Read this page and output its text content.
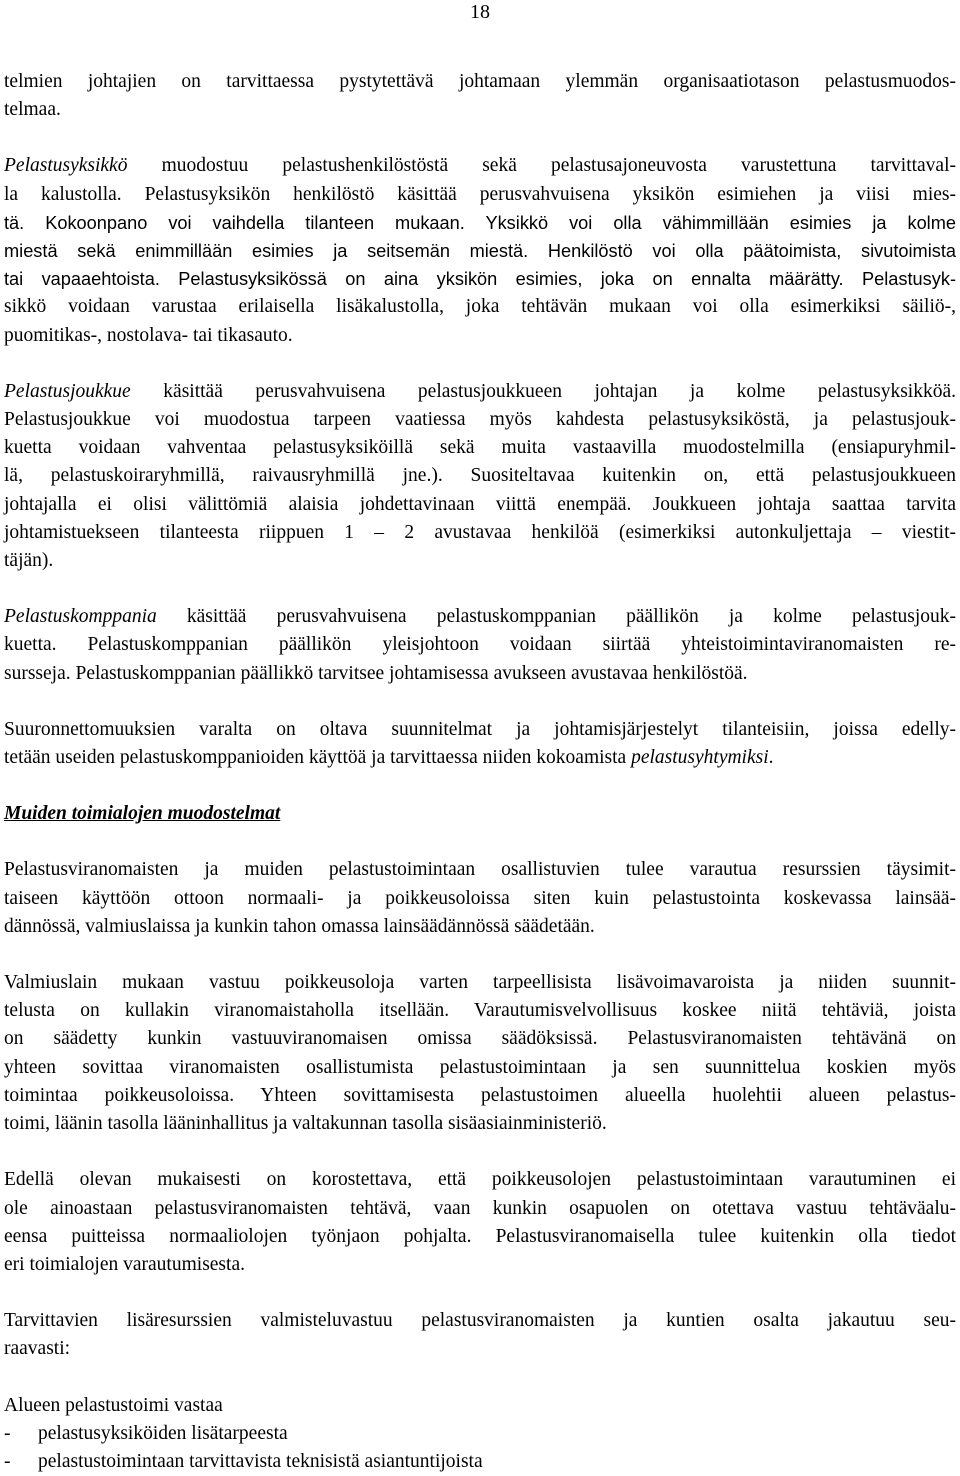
18
telmien johtajien on tarvittaessa pystytettävä johtamaan ylemmän organisaatiotason pelastusmuodos-
telmaa.
Pelastusyksikkö muodostuu pelastushenkilöstöstä sekä pelastusajoneuvosta varustettuna tarvittaval-
la kalustolla. Pelastusyksikön henkilöstö käsittää perusvahvuisena yksikön esimiehen ja viisi mies-
tä. Kokoonpano voi vaihdella tilanteen mukaan. Yksikkö voi olla vähimmillään esimies ja kolme
miestä sekä enimmillään esimies ja seitsemän miestä. Henkilöstö voi olla päätoimista, sivutoimista
tai vapaaehtoista. Pelastusyksikössä on aina yksikön esimies, joka on ennalta määrätty. Pelastusyk-
sikkö voidaan varustaa erilaisella lisäkalustolla, joka tehtävän mukaan voi olla esimerkiksi säiliö-,
puomitikas-, nostolava- tai tikasauto.
Pelastusjoukkue käsittää perusvahvuisena pelastusjoukkueen johtajan ja kolme pelastusyksikköä.
Pelastusjoukkue voi muodostua tarpeen vaatiessa myös kahdesta pelastusyksiköstä, ja pelastusjouk-
kuetta voidaan vahventaa pelastusyksiköillä sekä muita vastaavilla muodostelmilla (ensiapuryhmil-
lä, pelastuskoiraryhmillä, raivausryhmillä jne.). Suositeltavaa kuitenkin on, että pelastusjoukkueen
johtajalla ei olisi välittömiä alaisia johdettavinaan viittä enempää. Joukkueen johtaja saattaa tarvita
johtamistuekseen tilanteesta riippuen 1 – 2 avustavaa henkilöä (esimerkiksi autonkuljettaja – viestit-
täjän).
Pelastuskomppania käsittää perusvahvuisena pelastuskomppanian päällikön ja kolme pelastusjouk-
kuetta. Pelastuskomppanian päällikön yleisjohtoon voidaan siirtää yhteistoimintaviranomaisten re-
sursseja. Pelastuskomppanian päällikkö tarvitsee johtamisessa avukseen avustavaa henkilöstöä.
Suuronnettomuuksien varalta on oltava suunnitelmat ja johtamisjärjestelyt tilanteisiin, joissa edelly-
tetään useiden pelastuskomppanioiden käyttöä ja tarvittaessa niiden kokoamista pelastusyhtymiksi.
Muiden toimialojen muodostelmat
Pelastusviranomaisten ja muiden pelastustoimintaan osallistuvien tulee varautua resurssien täysimit-
taiseen käyttöön ottoon normaali- ja poikkeusoloissa siten kuin pelastustointa koskevassa lainsää-
dännössä, valmiuslaissa ja kunkin tahon omassa lainsäädännössä säädetään.
Valmiuslain mukaan vastuu poikkeusoloja varten tarpeellisista lisävoimavaroista ja niiden suunnit-
telusta on kullakin viranomaistaholla itsellään. Varautumisvelvollisuus koskee niitä tehtäviä, joista
on säädetty kunkin vastuuviranomaisen omissa säädöksissä. Pelastusviranomaisten tehtävänä on
yhteen sovittaa viranomaisten osallistumista pelastustoimintaan ja sen suunnittelua koskien myös
toimintaa poikkeusoloissa. Yhteen sovittamisesta pelastustoimen alueella huolehtii alueen pelastus-
toimi, läänin tasolla lääninhallitus ja valtakunnan tasolla sisäasiainministeriö.
Edellä olevan mukaisesti on korostettava, että poikkeusolojen pelastustoimintaan varautuminen ei
ole ainoastaan pelastusviranomaisten tehtävä, vaan kunkin osapuolen on otettava vastuu tehtäväalu-
eensa puitteissa normaaliolojen työnjaon pohjalta. Pelastusviranomaisella tulee kuitenkin olla tiedot
eri toimialojen varautumisesta.
Tarvittavien lisäresurssien valmisteluvastuu pelastusviranomaisten ja kuntien osalta jakautuu seu-
raavasti:
Alueen pelastustoimi vastaa
- pelastusyksiköiden lisätarpeesta
- pelastustoimintaan tarvittavista teknisistä asiantuntijoista
